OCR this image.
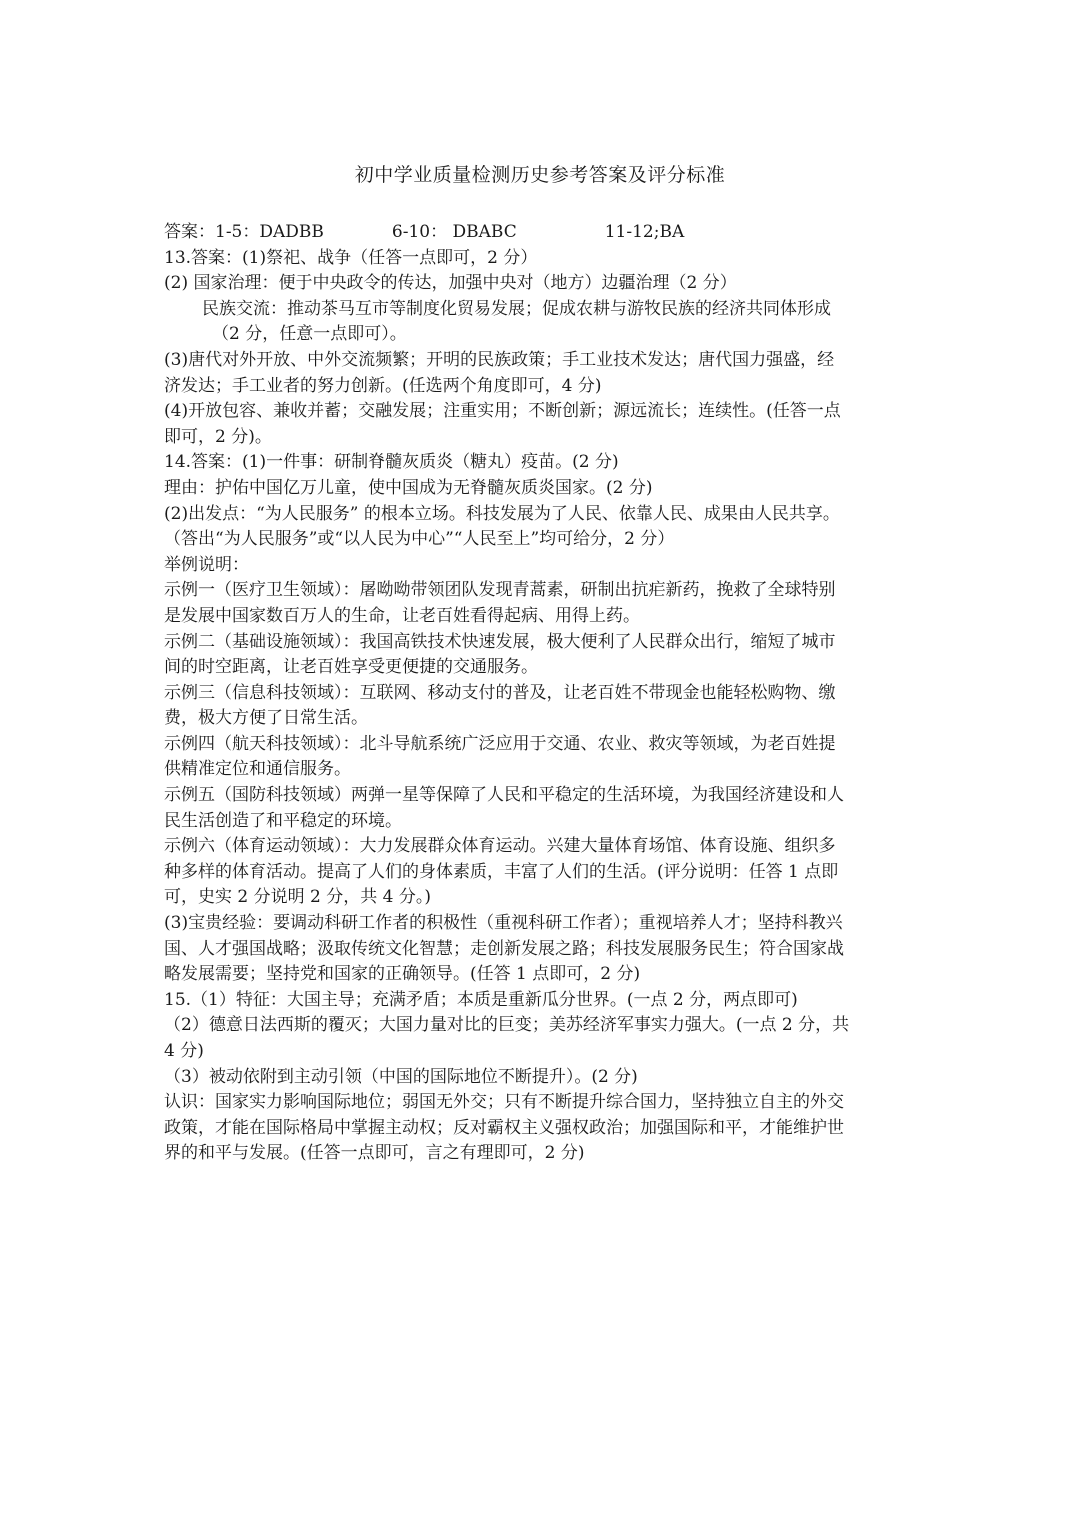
初中学业质量检测历史参考答案及评分标准
答案：1-5：DADBB	6-10： DBABC	11-12;BA
13.答案：(1)祭祀、战争（任答一点即可，2 分）
(2) 国家治理：便于中央政令的传达，加强中央对（地方）边疆治理（2 分）
民族交流：推动茶马互市等制度化贸易发展；促成农耕与游牧民族的经济共同体形成
（2 分，任意一点即可）。
(3)唐代对外开放、中外交流频繁；开明的民族政策；手工业技术发达；唐代国力强盛，经
济发达；手工业者的努力创新。(任选两个角度即可，4 分)
(4)开放包容、兼收并蓄；交融发展；注重实用；不断创新；源远流长；连续性。(任答一点
即可，2 分)。
14.答案：(1)一件事：研制脊髓灰质炎（糖丸）疫苗。(2 分)
理由：护佑中国亿万儿童，使中国成为无脊髓灰质炎国家。(2 分)
(2)出发点：“为人民服务” 的根本立场。科技发展为了人民、依靠人民、成果由人民共享。
（答出“为人民服务”或“以人民为中心”“人民至上”均可给分，2 分）
举例说明：
示例一（医疗卫生领域）：屠呦呦带领团队发现青蒿素，研制出抗疟新药，挽救了全球特别
是发展中国家数百万人的生命，让老百姓看得起病、用得上药。
示例二（基础设施领域）：我国高铁技术快速发展，极大便利了人民群众出行，缩短了城市
间的时空距离，让老百姓享受更便捷的交通服务。
示例三（信息科技领域）：互联网、移动支付的普及，让老百姓不带现金也能轻松购物、缴
费，极大方便了日常生活。
示例四（航天科技领域）：北斗导航系统广泛应用于交通、农业、救灾等领域，为老百姓提
供精准定位和通信服务。
示例五（国防科技领域）两弹一星等保障了人民和平稳定的生活环境，为我国经济建设和人
民生活创造了和平稳定的环境。
示例六（体育运动领域）：大力发展群众体育运动。兴建大量体育场馆、体育设施、组织多
种多样的体育活动。提高了人们的身体素质，丰富了人们的生活。(评分说明：任答 1 点即
可，史实 2 分说明 2 分，共 4 分。)
(3)宝贵经验：要调动科研工作者的积极性（重视科研工作者）；重视培养人才；坚持科教兴
国、人才强国战略；汲取传统文化智慧；走创新发展之路；科技发展服务民生；符合国家战
略发展需要；坚持党和国家的正确领导。(任答 1 点即可，2 分)
15.（1）特征：大国主导；充满矛盾；本质是重新瓜分世界。(一点 2 分，两点即可)
（2）德意日法西斯的覆灭；大国力量对比的巨变；美苏经济军事实力强大。(一点 2 分，共
4 分)
（3）被动依附到主动引领（中国的国际地位不断提升）。(2 分)
认识：国家实力影响国际地位；弱国无外交；只有不断提升综合国力，坚持独立自主的外交
政策，才能在国际格局中掌握主动权；反对霸权主义强权政治；加强国际和平，才能维护世
界的和平与发展。(任答一点即可，言之有理即可，2 分)
